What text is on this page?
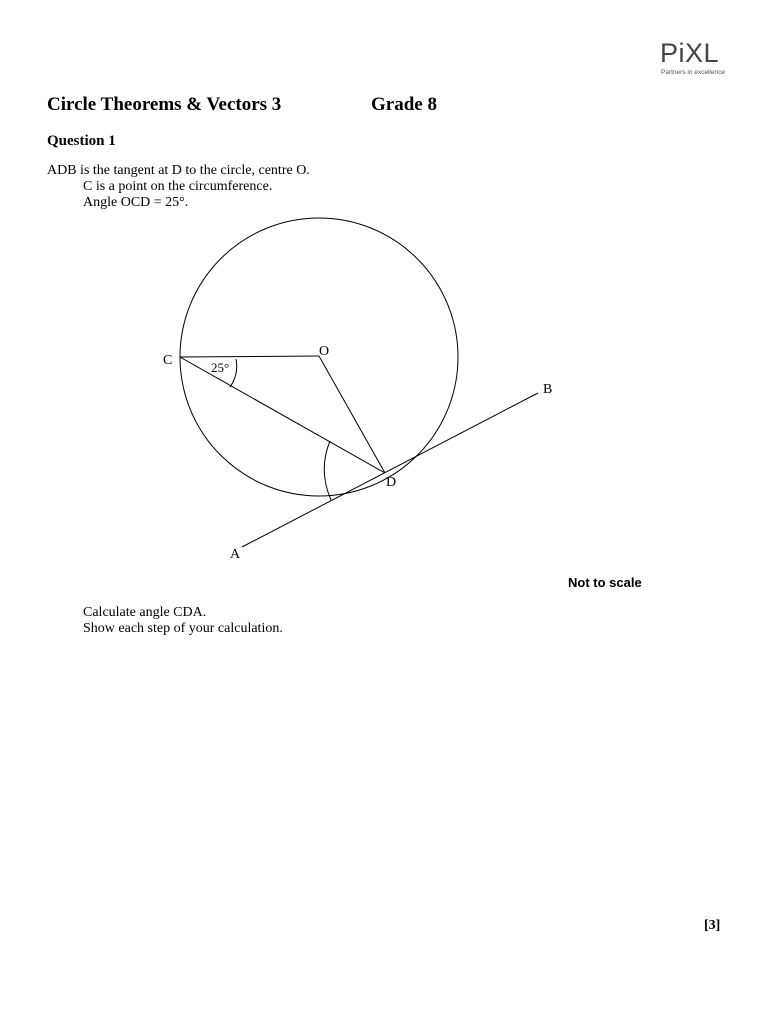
PiXL
Partners in excellence
Circle Theorems & Vectors 3	Grade 8
Question 1
ADB is the tangent at D to the circle, centre O.
C is a point on the circumference.
Angle OCD = 25°.
C
O
B
D
A
25°
Not to scale
Calculate angle CDA.
Show each step of your calculation.
[3]
